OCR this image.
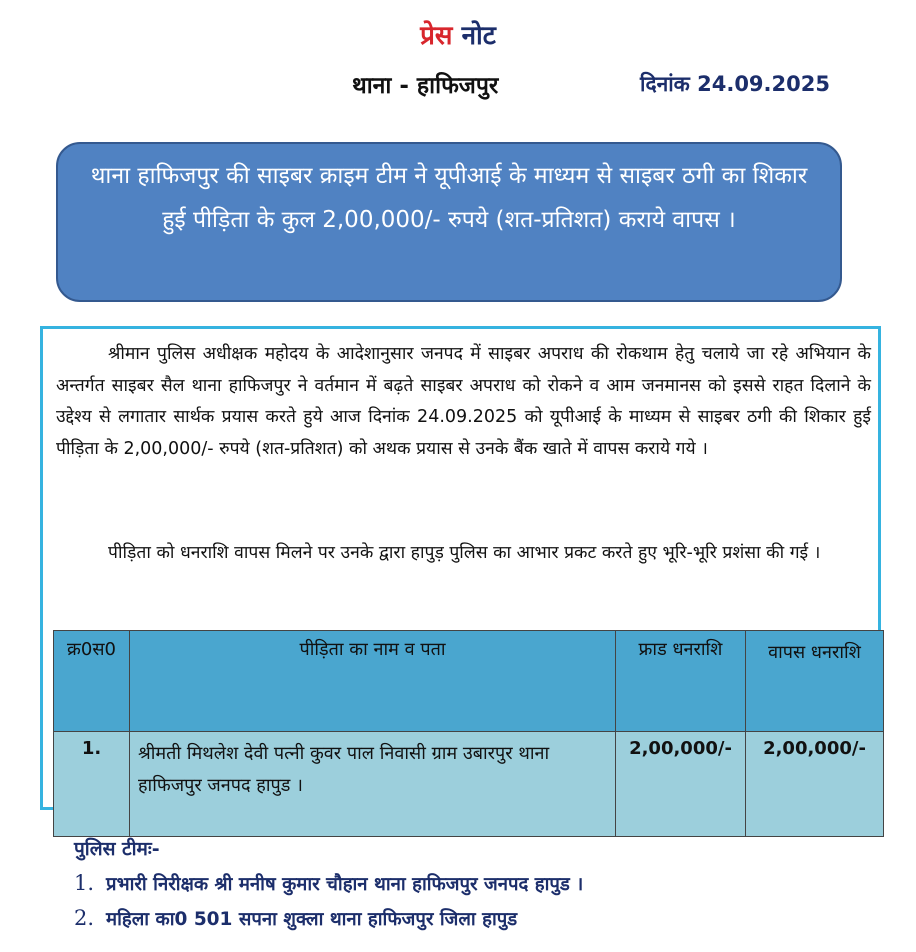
प्रेस नोट
थाना - हाफिजपुर	दिनांक 24.09.2025
थाना हाफिजपुर की साइबर क्राइम टीम ने यूपीआई के माध्यम से साइबर ठगी का शिकार हुई पीड़िता के कुल 2,00,000/- रुपये (शत-प्रतिशत) कराये वापस ।
श्रीमान पुलिस अधीक्षक महोदय के आदेशानुसार जनपद में साइबर अपराध की रोकथाम हेतु चलाये जा रहे अभियान के अन्तर्गत साइबर सैल थाना हाफिजपुर ने वर्तमान में बढ़ते साइबर अपराध को रोकने व आम जनमानस को इससे राहत दिलाने के उद्देश्य से लगातार सार्थक प्रयास करते हुये आज दिनांक 24.09.2025 को यूपीआई के माध्यम से साइबर ठगी की शिकार हुई पीड़िता के 2,00,000/- रुपये (शत-प्रतिशत) को अथक प्रयास से उनके बैंक खाते में वापस कराये गये ।
पीड़िता को धनराशि वापस मिलने पर उनके द्वारा हापुड़ पुलिस का आभार प्रकट करते हुए भूरि-भूरि प्रशंसा की गई ।
क्र0स0	पीड़िता का नाम व पता	फ्राड धनराशि	वापस धनराशि
1.	श्रीमती मिथलेश देवी पत्नी कुवर पाल निवासी ग्राम उबारपुर थाना हाफिजपुर जनपद हापुड ।	2,00,000/-	2,00,000/-
पुलिस टीमः-
1. प्रभारी निरीक्षक श्री मनीष कुमार चौहान थाना हाफिजपुर जनपद हापुड ।
2. महिला का0 501 सपना शुक्ला थाना हाफिजपुर जिला हापुड
